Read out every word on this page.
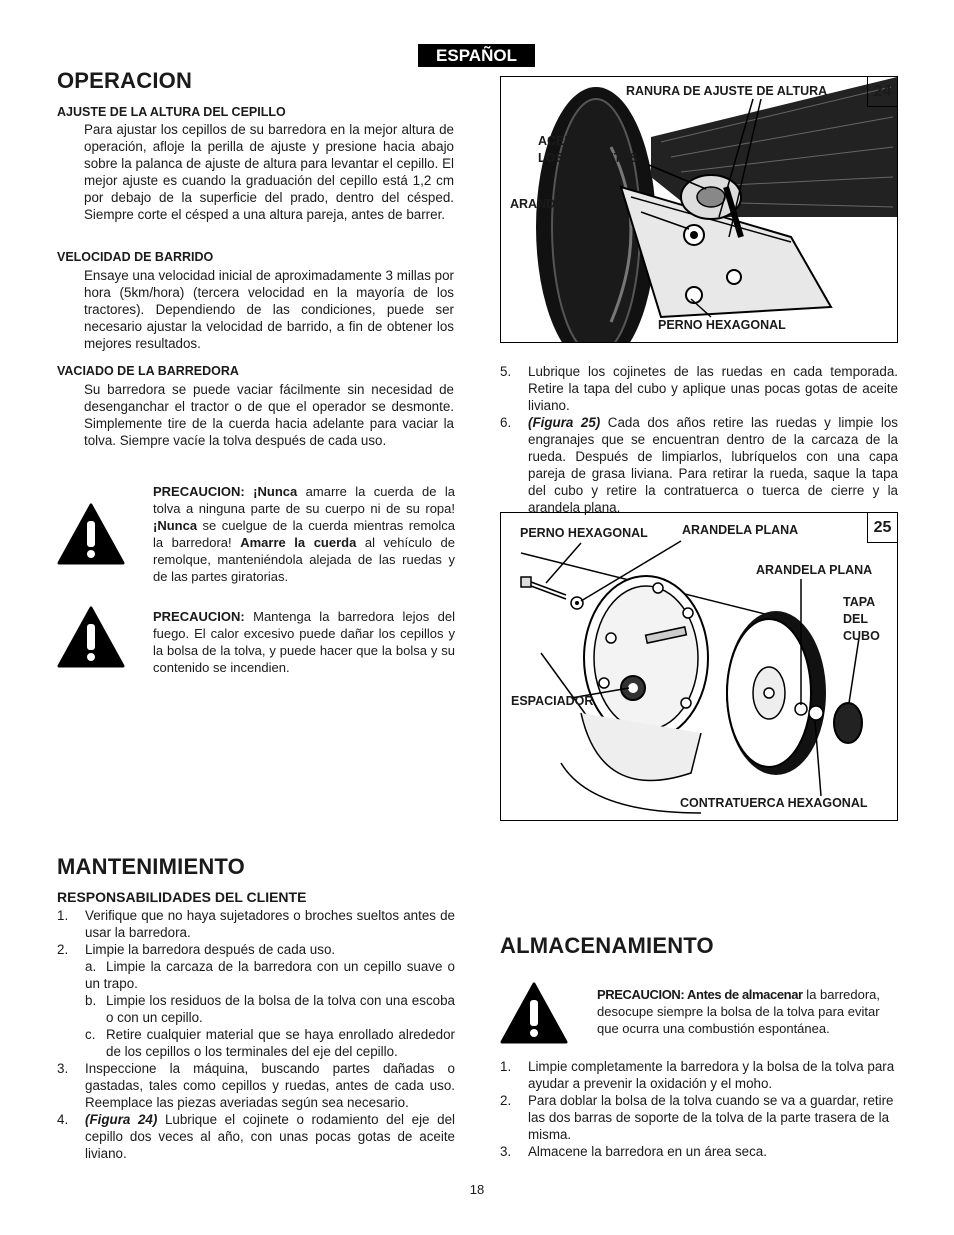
ESPAÑOL
OPERACION
AJUSTE DE LA ALTURA DEL CEPILLO

Para ajustar los cepillos de su barredora en la mejor altura de operación, afloje la perilla de ajuste y presione hacia abajo sobre la palanca de ajuste de altura para levantar el cepillo. El mejor ajuste es cuando la graduación del cepillo está 1,2 cm por debajo de la superficie del prado, dentro del césped. Siempre corte el césped a una altura pareja, antes de barrer.

VELOCIDAD DE BARRIDO

Ensaye una velocidad inicial de aproximadamente 3 millas por hora (5km/hora) (tercera velocidad en la mayoría de los tractores). Dependiendo de las condiciones, puede ser necesario ajustar la velocidad de barrido, a fin de obtener los mejores resultados.

VACIADO DE LA BARREDORA

Su barredora se puede vaciar fácilmente sin necesidad de desenganchar el tractor o de que el operador se desmonte. Simplemente tire de la cuerda hacia adelante para vaciar la tolva. Siempre vacíe la tolva después de cada uso.

PRECAUCION: ¡Nunca amarre la cuerda de la tolva a ninguna parte de su cuerpo ni de su ropa! ¡Nunca se cuelgue de la cuerda mientras remolca la barredora! Amarre la cuerda al vehículo de remolque, manteniéndola alejada de las ruedas y de las partes giratorias.

PRECAUCION: Mantenga la barredora lejos del fuego. El calor excesivo puede dañar los cepillos y la bolsa de la tolva, y puede hacer que la bolsa y su contenido se incendien.

24
RANURA DE AJUSTE DE ALTURA
ACEITE AQUI
LOS COJINETES
ARANDELA PLANA
PERNO HEXAGONAL
5. Lubrique los cojinetes de las ruedas en cada temporada. Retire la tapa del cubo y aplique unas pocas gotas de aceite liviano.
6. (Figura 25) Cada dos años retire las ruedas y limpie los engranajes que se encuentran dentro de la carcaza de la rueda. Después de limpiarlos, lubríquelos con una capa pareja de grasa liviana. Para retirar la rueda, saque la tapa del cubo y retire la contratuerca o tuerca de cierre y la arandela plana.
25
PERNO HEXAGONAL	ARANDELA PLANA
ARANDELA PLANA
TAPA
DEL
CUBO
ESPACIADOR
CONTRATUERCA HEXAGONAL
MANTENIMIENTO
RESPONSABILIDADES DEL CLIENTE
1. Verifique que no haya sujetadores o broches sueltos antes de usar la barredora.
2. Limpie la barredora después de cada uso.
a. Limpie la carcaza de la barredora con un cepillo suave o un trapo.
b. Limpie los residuos de la bolsa de la tolva con una escoba o con un cepillo.
c. Retire cualquier material que se haya enrollado alrededor de los cepillos o los terminales del eje del cepillo.
3. Inspeccione la máquina, buscando partes dañadas o gastadas, tales como cepillos y ruedas, antes de cada uso. Reemplace las piezas averiadas según sea necesario.
4. (Figura 24) Lubrique el cojinete o rodamiento del eje del cepillo dos veces al año, con unas pocas gotas de aceite liviano.
ALMACENAMIENTO

PRECAUCION: Antes de almacenar la barredora, desocupe siempre la bolsa de la tolva para evitar que ocurra una combustión espontánea.

1. Limpie completamente la barredora y la bolsa de la tolva para ayudar a prevenir la oxidación y el moho.
2. Para doblar la bolsa de la tolva cuando se va a guardar, retire las dos barras de soporte de la tolva de la parte trasera de la misma.
3. Almacene la barredora en un área seca.
18
